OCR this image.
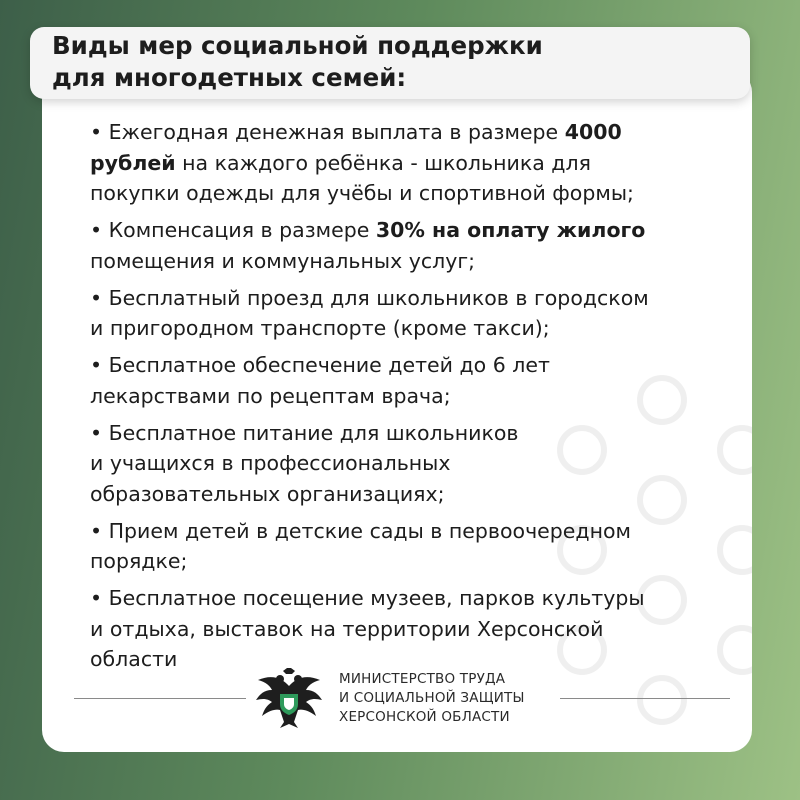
• Ежегодная денежная выплата в размере 4000
рублей на каждого ребёнка - школьника для
покупки одежды для учёбы и спортивной формы;
• Компенсация в размере 30% на оплату жилого
помещения и коммунальных услуг;
• Бесплатный проезд для школьников в городском
и пригородном транспорте (кроме такси);
• Бесплатное обеспечение детей до 6 лет
лекарствами по рецептам врача;
• Бесплатное питание для школьников
и учащихся в профессиональных
образовательных организациях;
• Прием детей в детские сады в первоочередном
порядке;
• Бесплатное посещение музеев, парков культуры
и отдыха, выставок на территории Херсонской
области
МИНИСТЕРСТВО ТРУДА
И СОЦИАЛЬНОЙ ЗАЩИТЫ
ХЕРСОНСКОЙ ОБЛАСТИ
Виды мер социальной поддержки
для многодетных семей:
